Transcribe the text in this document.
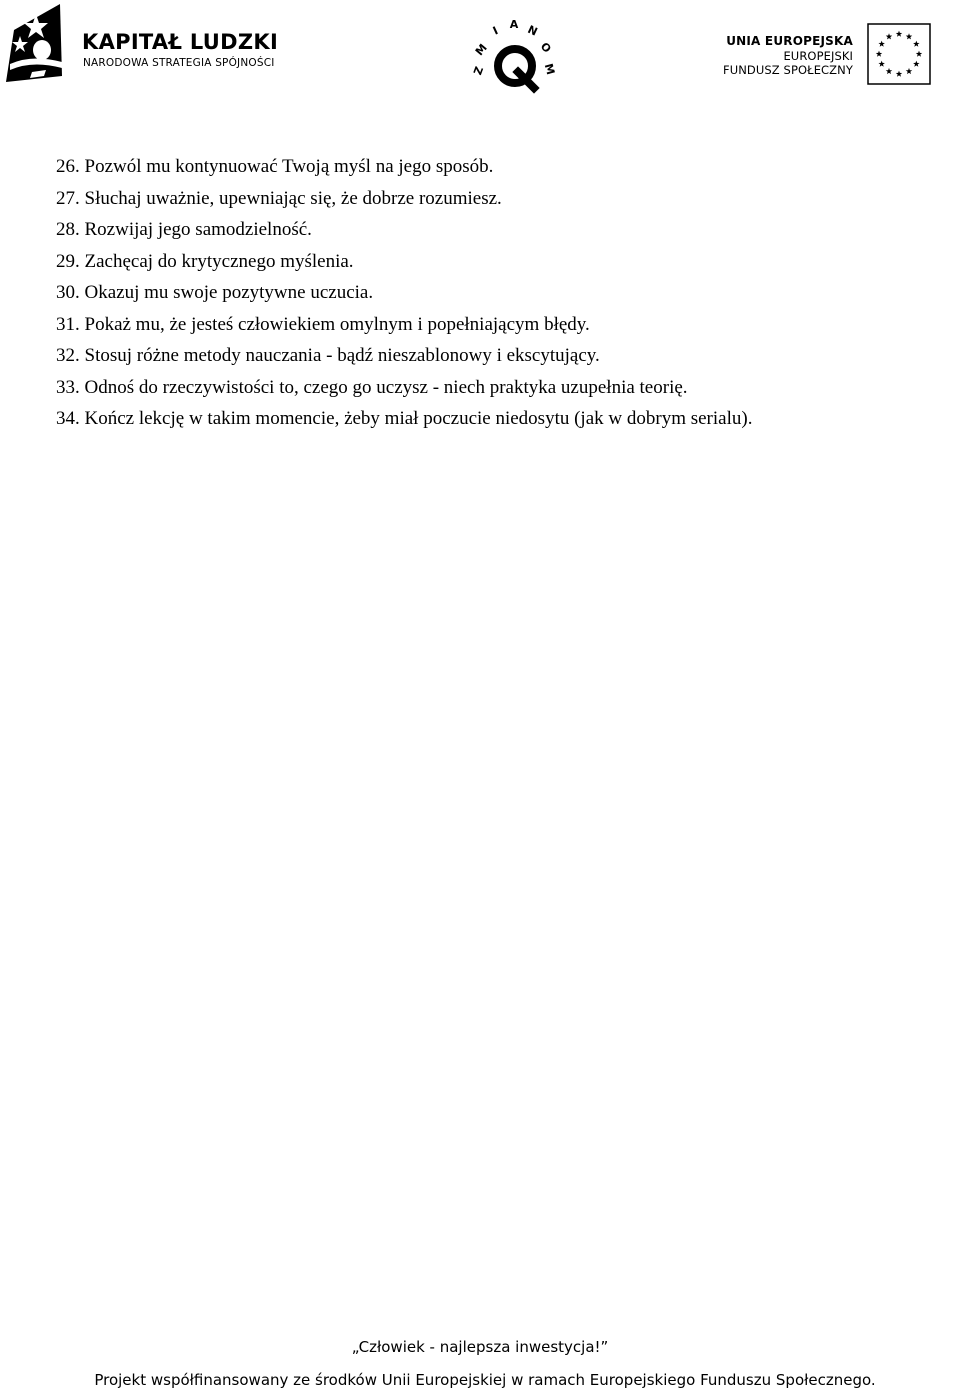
KAPITAŁ LUDZKI
NARODOWA STRATEGIA SPÓJNOŚCI
Z
M
I A N
O
M
UNIA EUROPEJSKA
EUROPEJSKI
FUNDUSZ SPOŁECZNY
26. Pozwól mu kontynuować Twoją myśl na jego sposób.
27. Słuchaj uważnie, upewniając się, że dobrze rozumiesz.
28. Rozwijaj jego samodzielność.
29. Zachęcaj do krytycznego myślenia.
30. Okazuj mu swoje pozytywne uczucia.
31. Pokaż mu, że jesteś człowiekiem omylnym i popełniającym błędy.
32. Stosuj różne metody nauczania - bądź nieszablonowy i ekscytujący.
33. Odnoś do rzeczywistości to, czego go uczysz - niech praktyka uzupełnia teorię.
34. Kończ lekcję w takim momencie, żeby miał poczucie niedosytu (jak w dobrym serialu).
„Człowiek - najlepsza inwestycja!”
Projekt współfinansowany ze środków Unii Europejskiej w ramach Europejskiego Funduszu Społecznego.
